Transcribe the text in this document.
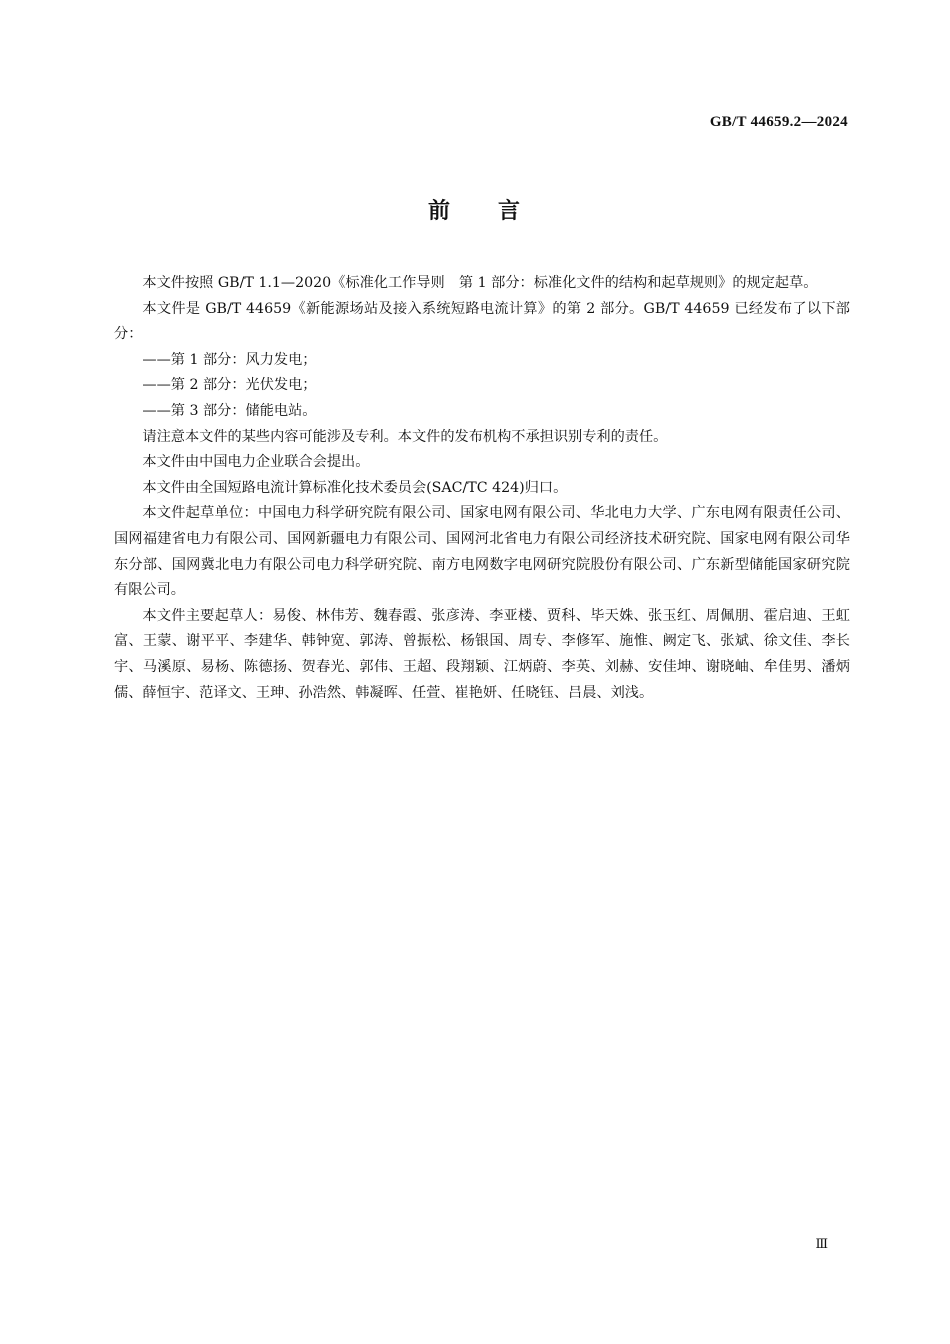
GB/T 44659.2—2024
前 言

本文件按照 GB/T 1.1—2020《标准化工作导则　第 1 部分：标准化文件的结构和起草规则》的规定起草。

本文件是 GB/T 44659《新能源场站及接入系统短路电流计算》的第 2 部分。GB/T 44659 已经发布了以下部分：

——第 1 部分：风力发电；

——第 2 部分：光伏发电；

——第 3 部分：储能电站。

请注意本文件的某些内容可能涉及专利。本文件的发布机构不承担识别专利的责任。

本文件由中国电力企业联合会提出。

本文件由全国短路电流计算标准化技术委员会(SAC/TC 424)归口。

本文件起草单位：中国电力科学研究院有限公司、国家电网有限公司、华北电力大学、广东电网有限责任公司、国网福建省电力有限公司、国网新疆电力有限公司、国网河北省电力有限公司经济技术研究院、国家电网有限公司华东分部、国网冀北电力有限公司电力科学研究院、南方电网数字电网研究院股份有限公司、广东新型储能国家研究院有限公司。

本文件主要起草人：易俊、林伟芳、魏春霞、张彦涛、李亚楼、贾科、毕天姝、张玉红、周佩朋、霍启迪、王虹富、王蒙、谢平平、李建华、韩钟宽、郭涛、曾振松、杨银国、周专、李修军、施惟、阙定飞、张斌、徐文佳、李长宇、马溪原、易杨、陈德扬、贺春光、郭伟、王超、段翔颖、江炳蔚、李英、刘赫、安佳坤、谢晓岫、牟佳男、潘炳儒、薛恒宇、范译文、王珅、孙浩然、韩凝晖、任萱、崔艳妍、任晓钰、吕晨、刘浅。

Ⅲ
